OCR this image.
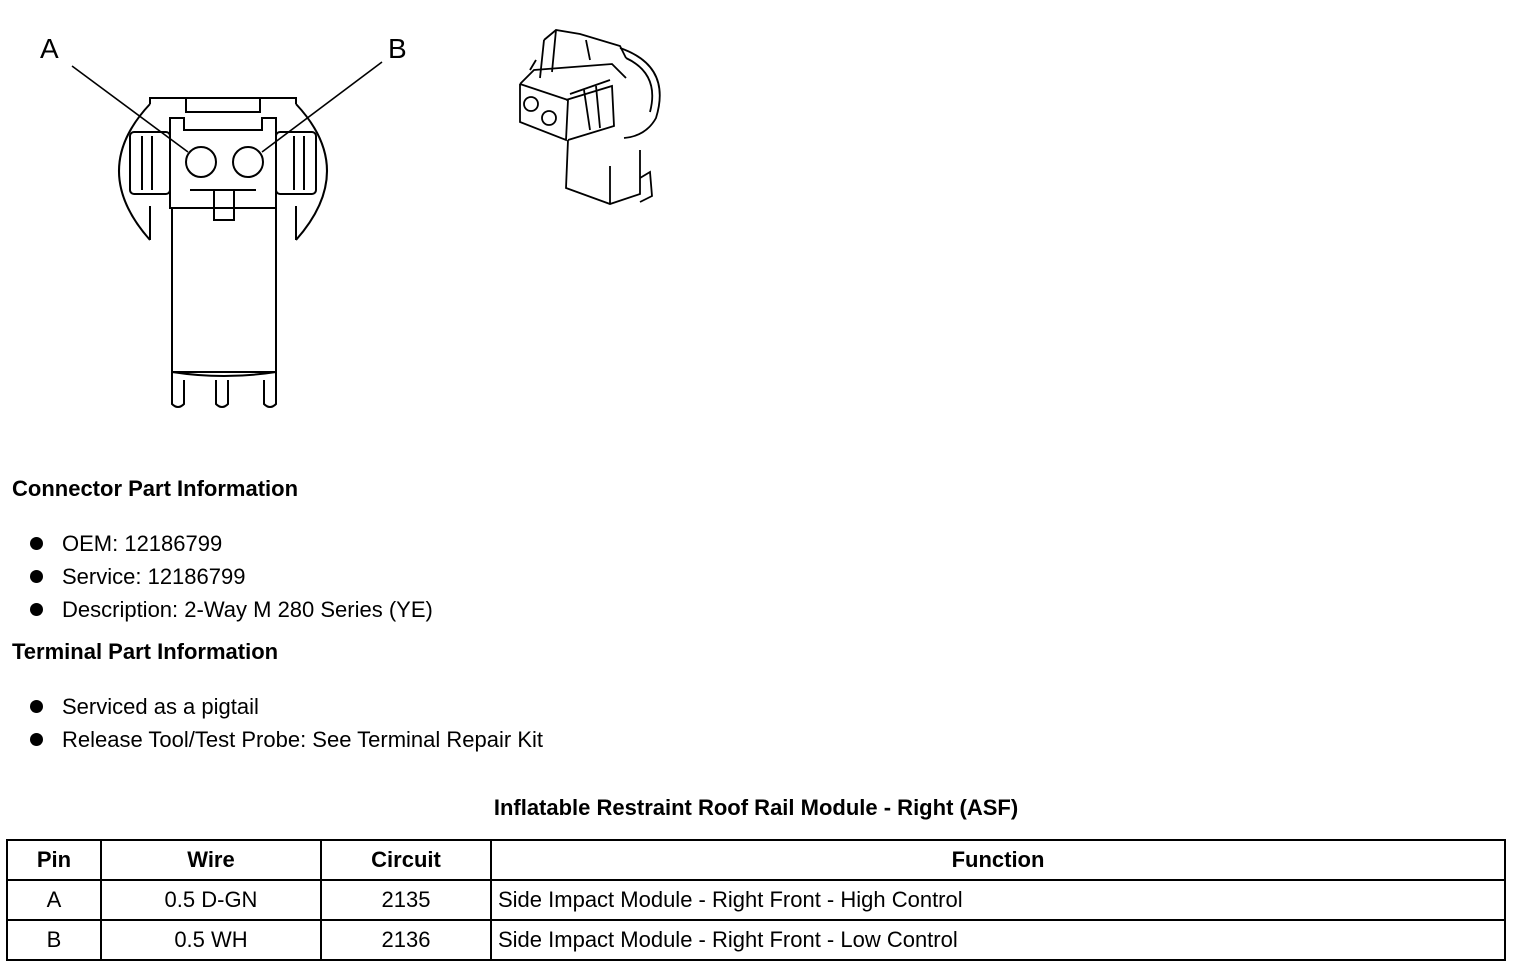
A	B
Connector Part Information
OEM: 12186799
Service: 12186799
Description: 2-Way M 280 Series (YE)
Terminal Part Information
Serviced as a pigtail
Release Tool/Test Probe: See Terminal Repair Kit
Inflatable Restraint Roof Rail Module - Right (ASF)
Pin	Wire	Circuit	Function
A	0.5 D-GN	2135	Side Impact Module - Right Front - High Control
B	0.5 WH	2136	Side Impact Module - Right Front - Low Control
